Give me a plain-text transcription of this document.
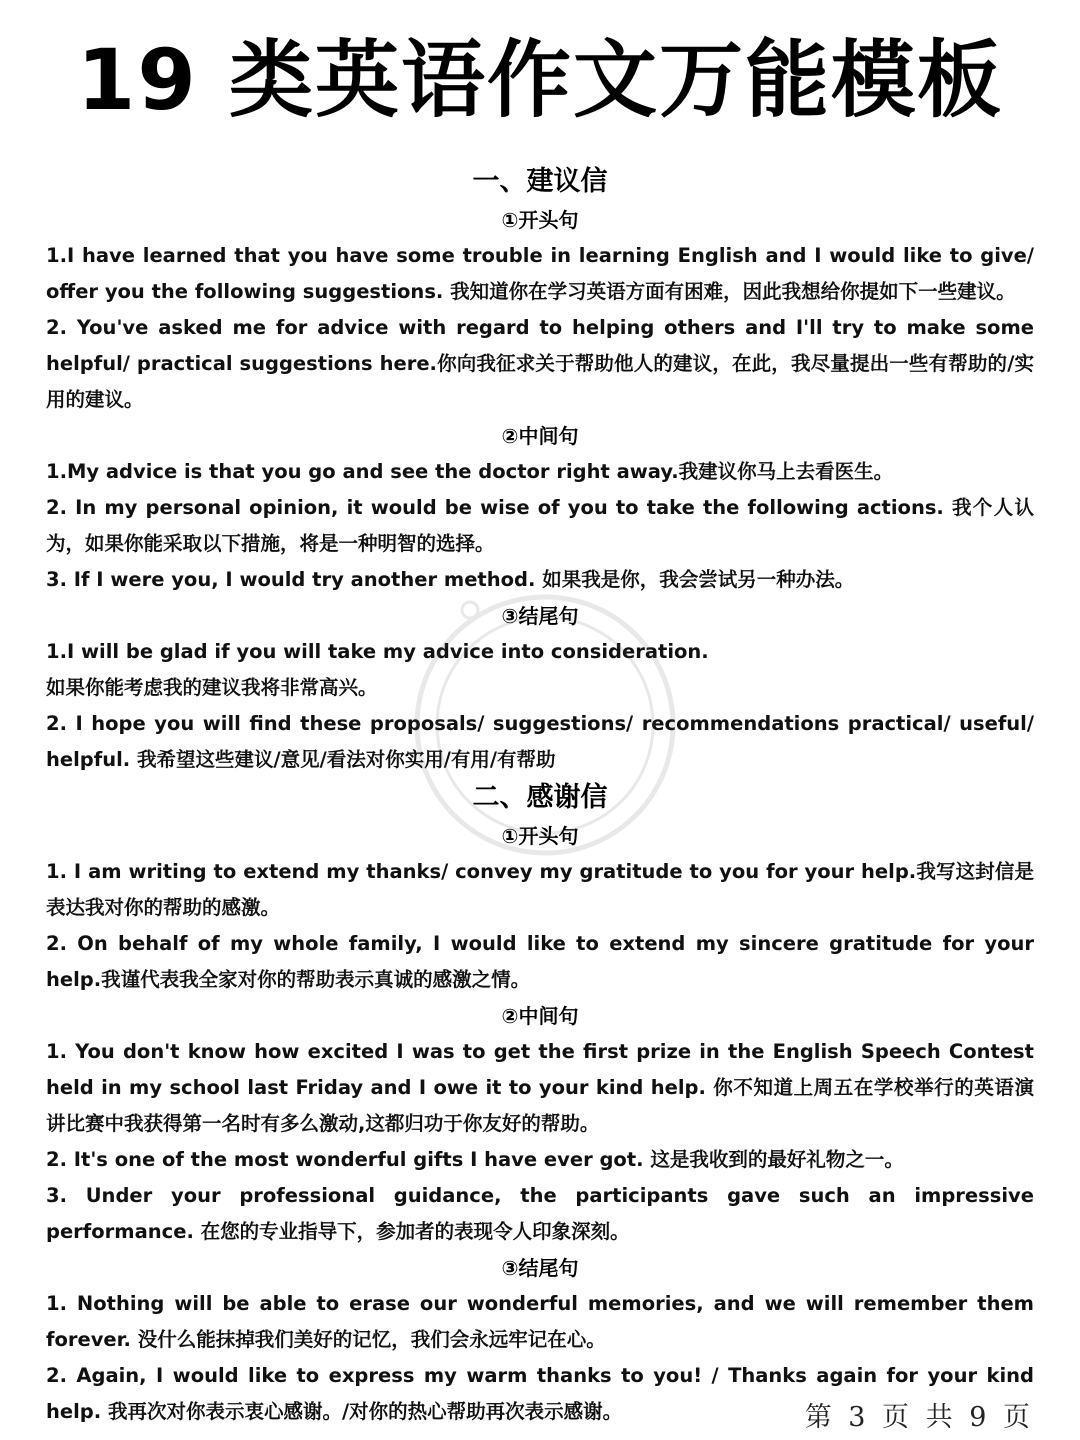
19 类英语作文万能模板
一、建议信
①开头句

1.I have learned that you have some trouble in learning English and I would like to give/ offer you the following suggestions. 我知道你在学习英语方面有困难，因此我想给你提如下一些建议。

2. You've asked me for advice with regard to helping others and I'll try to make some helpful/ practical suggestions here.你向我征求关于帮助他人的建议，在此，我尽量提出一些有帮助的/实用的建议。

②中间句

1.My advice is that you go and see the doctor right away.我建议你马上去看医生。

2. In my personal opinion, it would be wise of you to take the following actions. 我个人认为，如果你能采取以下措施，将是一种明智的选择。

3. If I were you, I would try another method. 如果我是你，我会尝试另一种办法。

③结尾句

1.I will be glad if you will take my advice into consideration.
如果你能考虑我的建议我将非常高兴。

2. I hope you will find these proposals/ suggestions/ recommendations practical/ useful/ helpful. 我希望这些建议/意见/看法对你实用/有用/有帮助

二、感谢信
①开头句

1. I am writing to extend my thanks/ convey my gratitude to you for your help.我写这封信是表达我对你的帮助的感激。

2. On behalf of my whole family, I would like to extend my sincere gratitude for your help.我谨代表我全家对你的帮助表示真诚的感激之情。

②中间句

1. You don't know how excited I was to get the first prize in the English Speech Contest held in my school last Friday and I owe it to your kind help. 你不知道上周五在学校举行的英语演讲比赛中我获得第一名时有多么激动,这都归功于你友好的帮助。

2. It's one of the most wonderful gifts I have ever got. 这是我收到的最好礼物之一。

3. Under your professional guidance, the participants gave such an impressive performance. 在您的专业指导下，参加者的表现令人印象深刻。

③结尾句

1. Nothing will be able to erase our wonderful memories, and we will remember them forever. 没什么能抹掉我们美好的记忆，我们会永远牢记在心。

2. Again, I would like to express my warm thanks to you! / Thanks again for your kind help. 我再次对你表示衷心感谢。/对你的热心帮助再次表示感谢。	第 3 页 共 9 页
